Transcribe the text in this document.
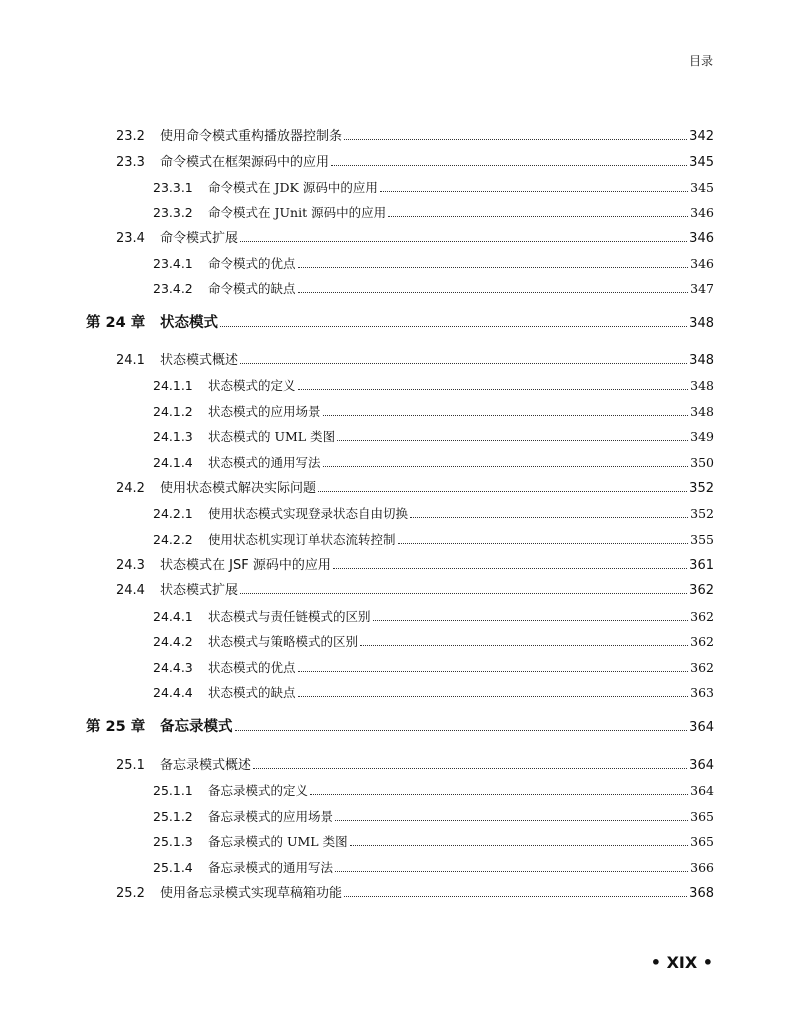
目录
23.2	使用命令模式重构播放器控制条	342
23.3	命令模式在框架源码中的应用	345
23.3.1	命令模式在 JDK 源码中的应用	345
23.3.2	命令模式在 JUnit 源码中的应用	346
23.4	命令模式扩展	346
23.4.1	命令模式的优点	346
23.4.2	命令模式的缺点	347
第 24 章	状态模式	348
24.1	状态模式概述	348
24.1.1	状态模式的定义	348
24.1.2	状态模式的应用场景	348
24.1.3	状态模式的 UML 类图	349
24.1.4	状态模式的通用写法	350
24.2	使用状态模式解决实际问题	352
24.2.1	使用状态模式实现登录状态自由切换	352
24.2.2	使用状态机实现订单状态流转控制	355
24.3	状态模式在 JSF 源码中的应用	361
24.4	状态模式扩展	362
24.4.1	状态模式与责任链模式的区别	362
24.4.2	状态模式与策略模式的区别	362
24.4.3	状态模式的优点	362
24.4.4	状态模式的缺点	363
第 25 章	备忘录模式	364
25.1	备忘录模式概述	364
25.1.1	备忘录模式的定义	364
25.1.2	备忘录模式的应用场景	365
25.1.3	备忘录模式的 UML 类图	365
25.1.4	备忘录模式的通用写法	366
25.2	使用备忘录模式实现草稿箱功能	368
• XIX •
